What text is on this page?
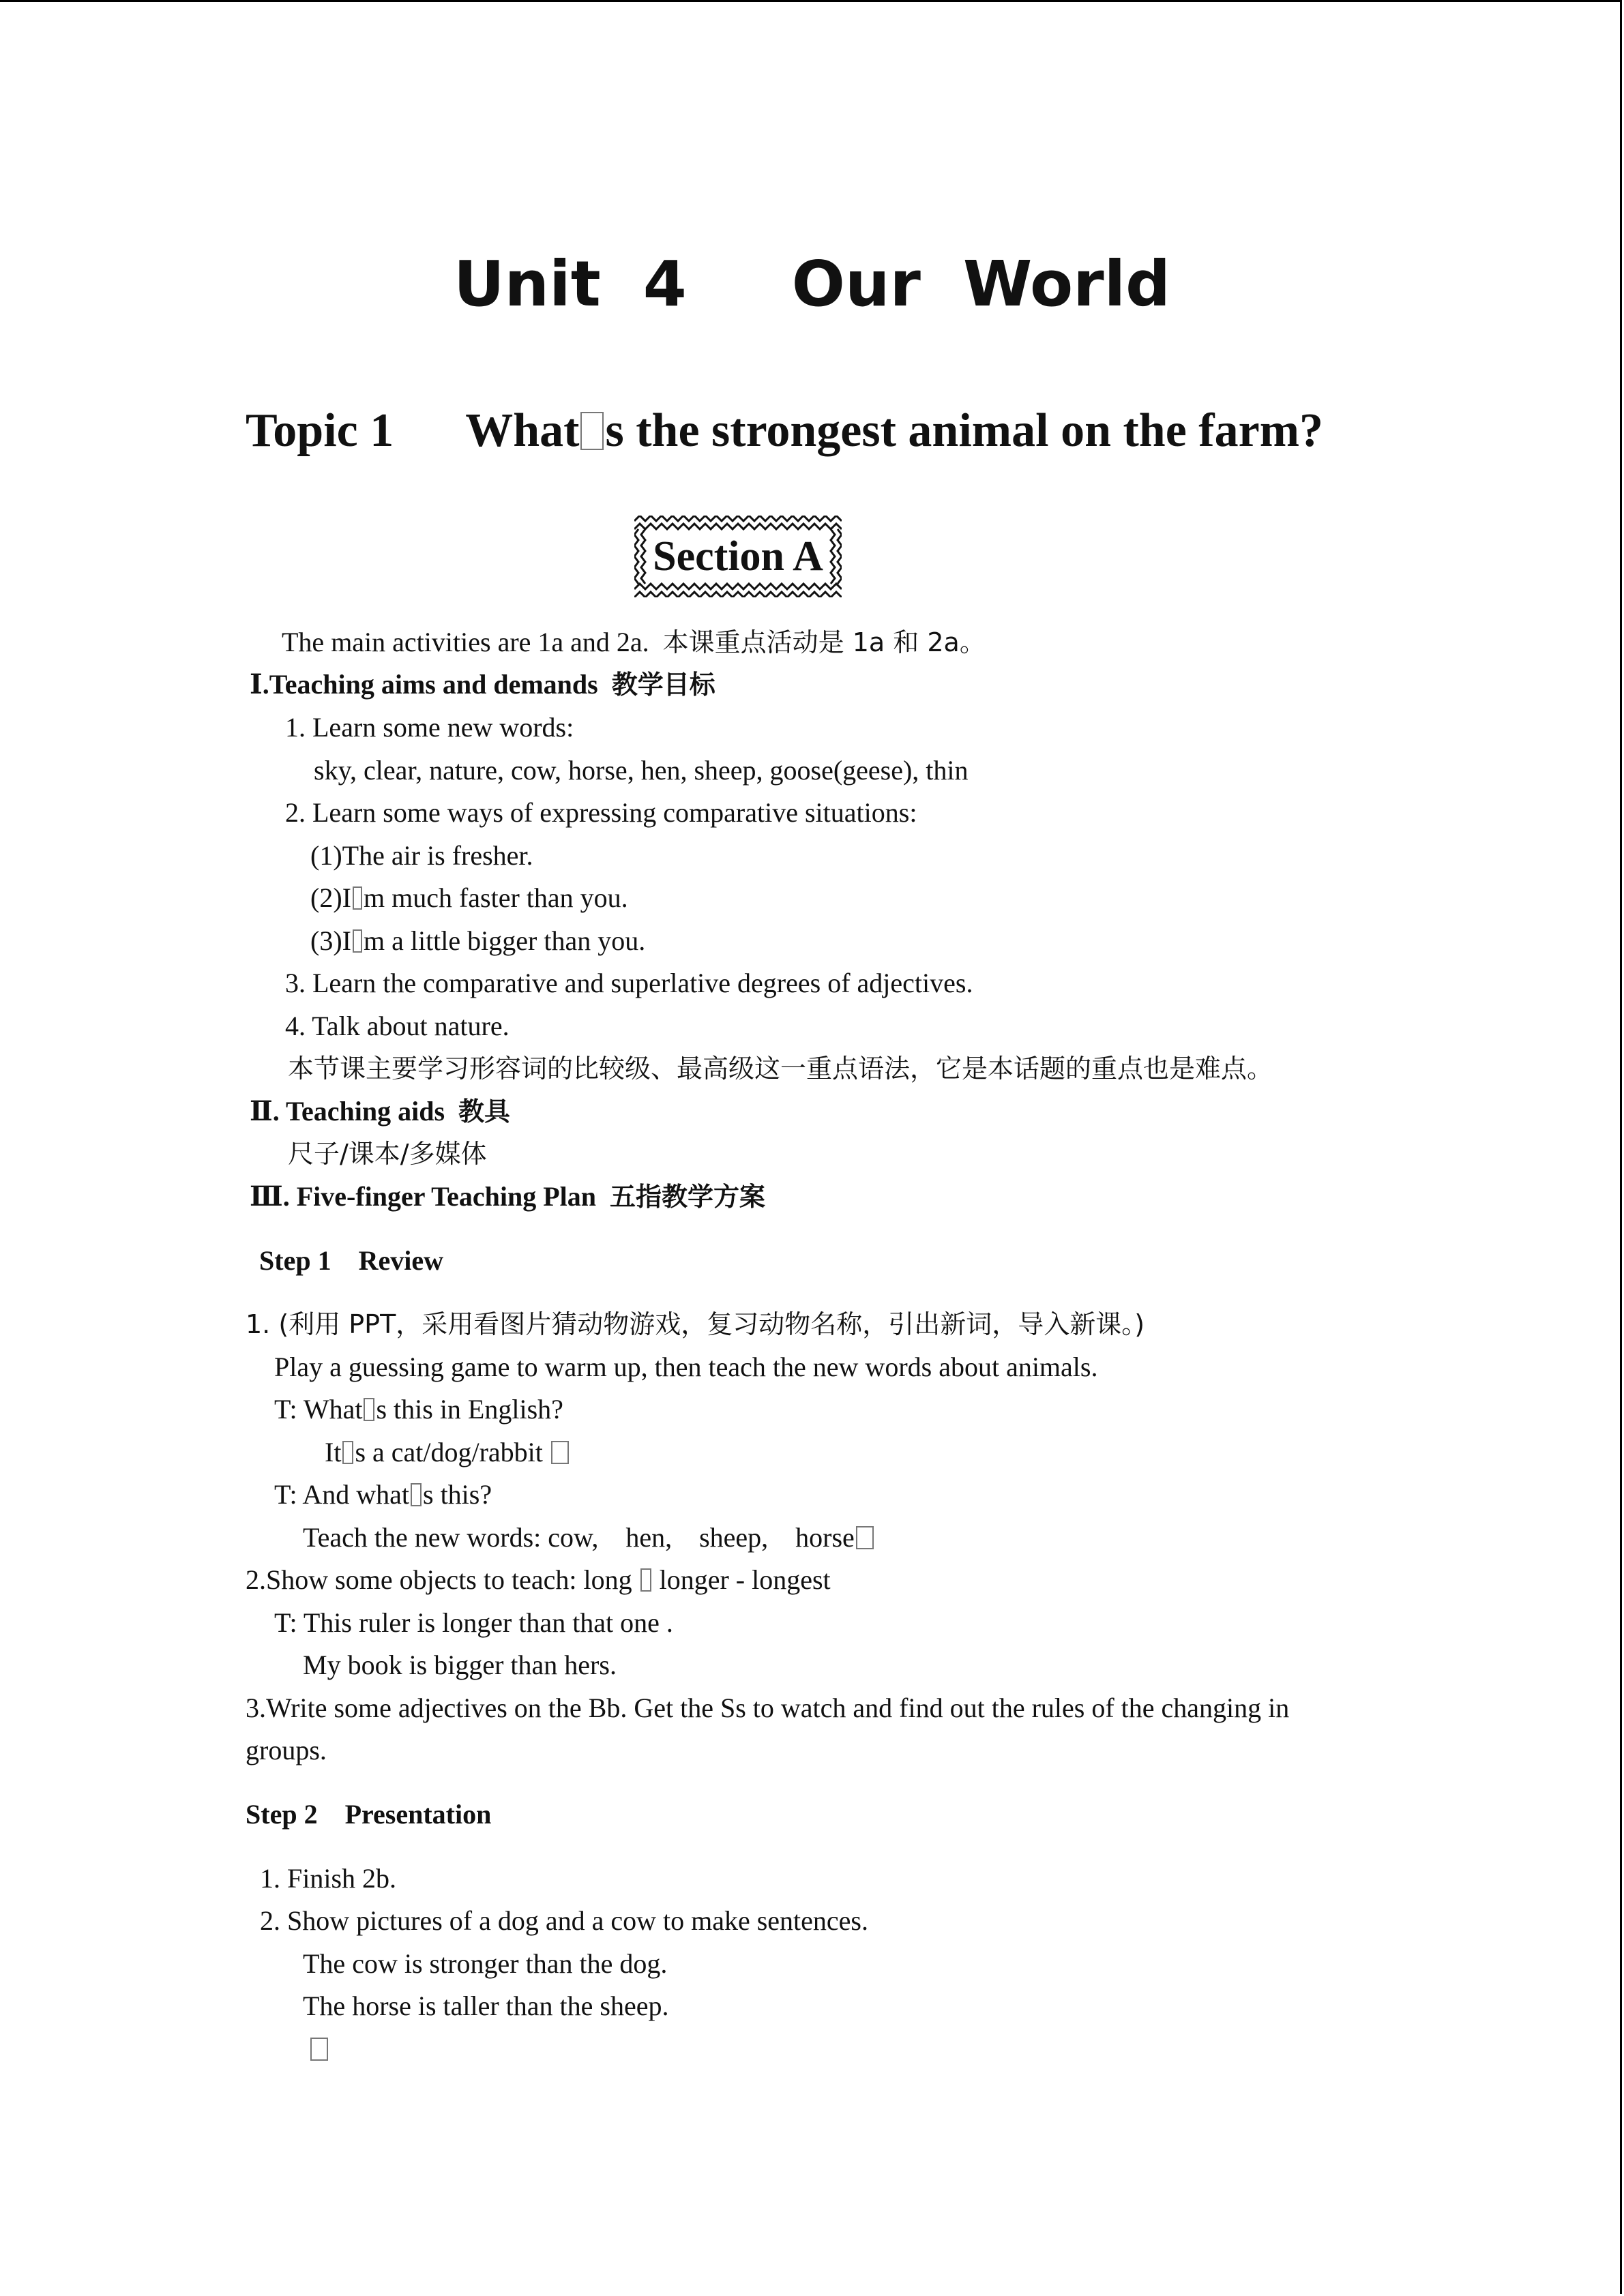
Unit 4  Our World
Topic 1   What s the strongest animal on the farm?
Section A
The main activities are 1a and 2a. 本课重点活动是 1a 和 2a。
Ⅰ.Teaching aims and demands 教学目标
1. Learn some new words:
sky, clear, nature, cow, horse, hen, sheep, goose(geese), thin
2. Learn some ways of expressing comparative situations:
(1)The air is fresher.
(2)I m much faster than you.
(3)I m a little bigger than you.
3. Learn the comparative and superlative degrees of adjectives.
4. Talk about nature.
本节课主要学习形容词的比较级、最高级这一重点语法，它是本话题的重点也是难点。
Ⅱ. Teaching aids 教具
尺子/课本/多媒体
Ⅲ. Five-finger Teaching Plan 五指教学方案
Step 1    Review
1. (利用 PPT，采用看图片猜动物游戏，复习动物名称，引出新词，导入新课。)
Play a guessing game to warm up, then teach the new words about animals.
T: What s this in English?
It s a cat/dog/rabbit
T: And what s this?
Teach the new words: cow,    hen,    sheep,    horse
2.Show some objects to teach: long longer - longest
T: This ruler is longer than that one .
My book is bigger than hers.
3.Write some adjectives on the Bb. Get the Ss to watch and find out the rules of the changing in
groups.
Step 2    Presentation
1. Finish 2b.
2. Show pictures of a dog and a cow to make sentences.
The cow is stronger than the dog.
The horse is taller than the sheep.
